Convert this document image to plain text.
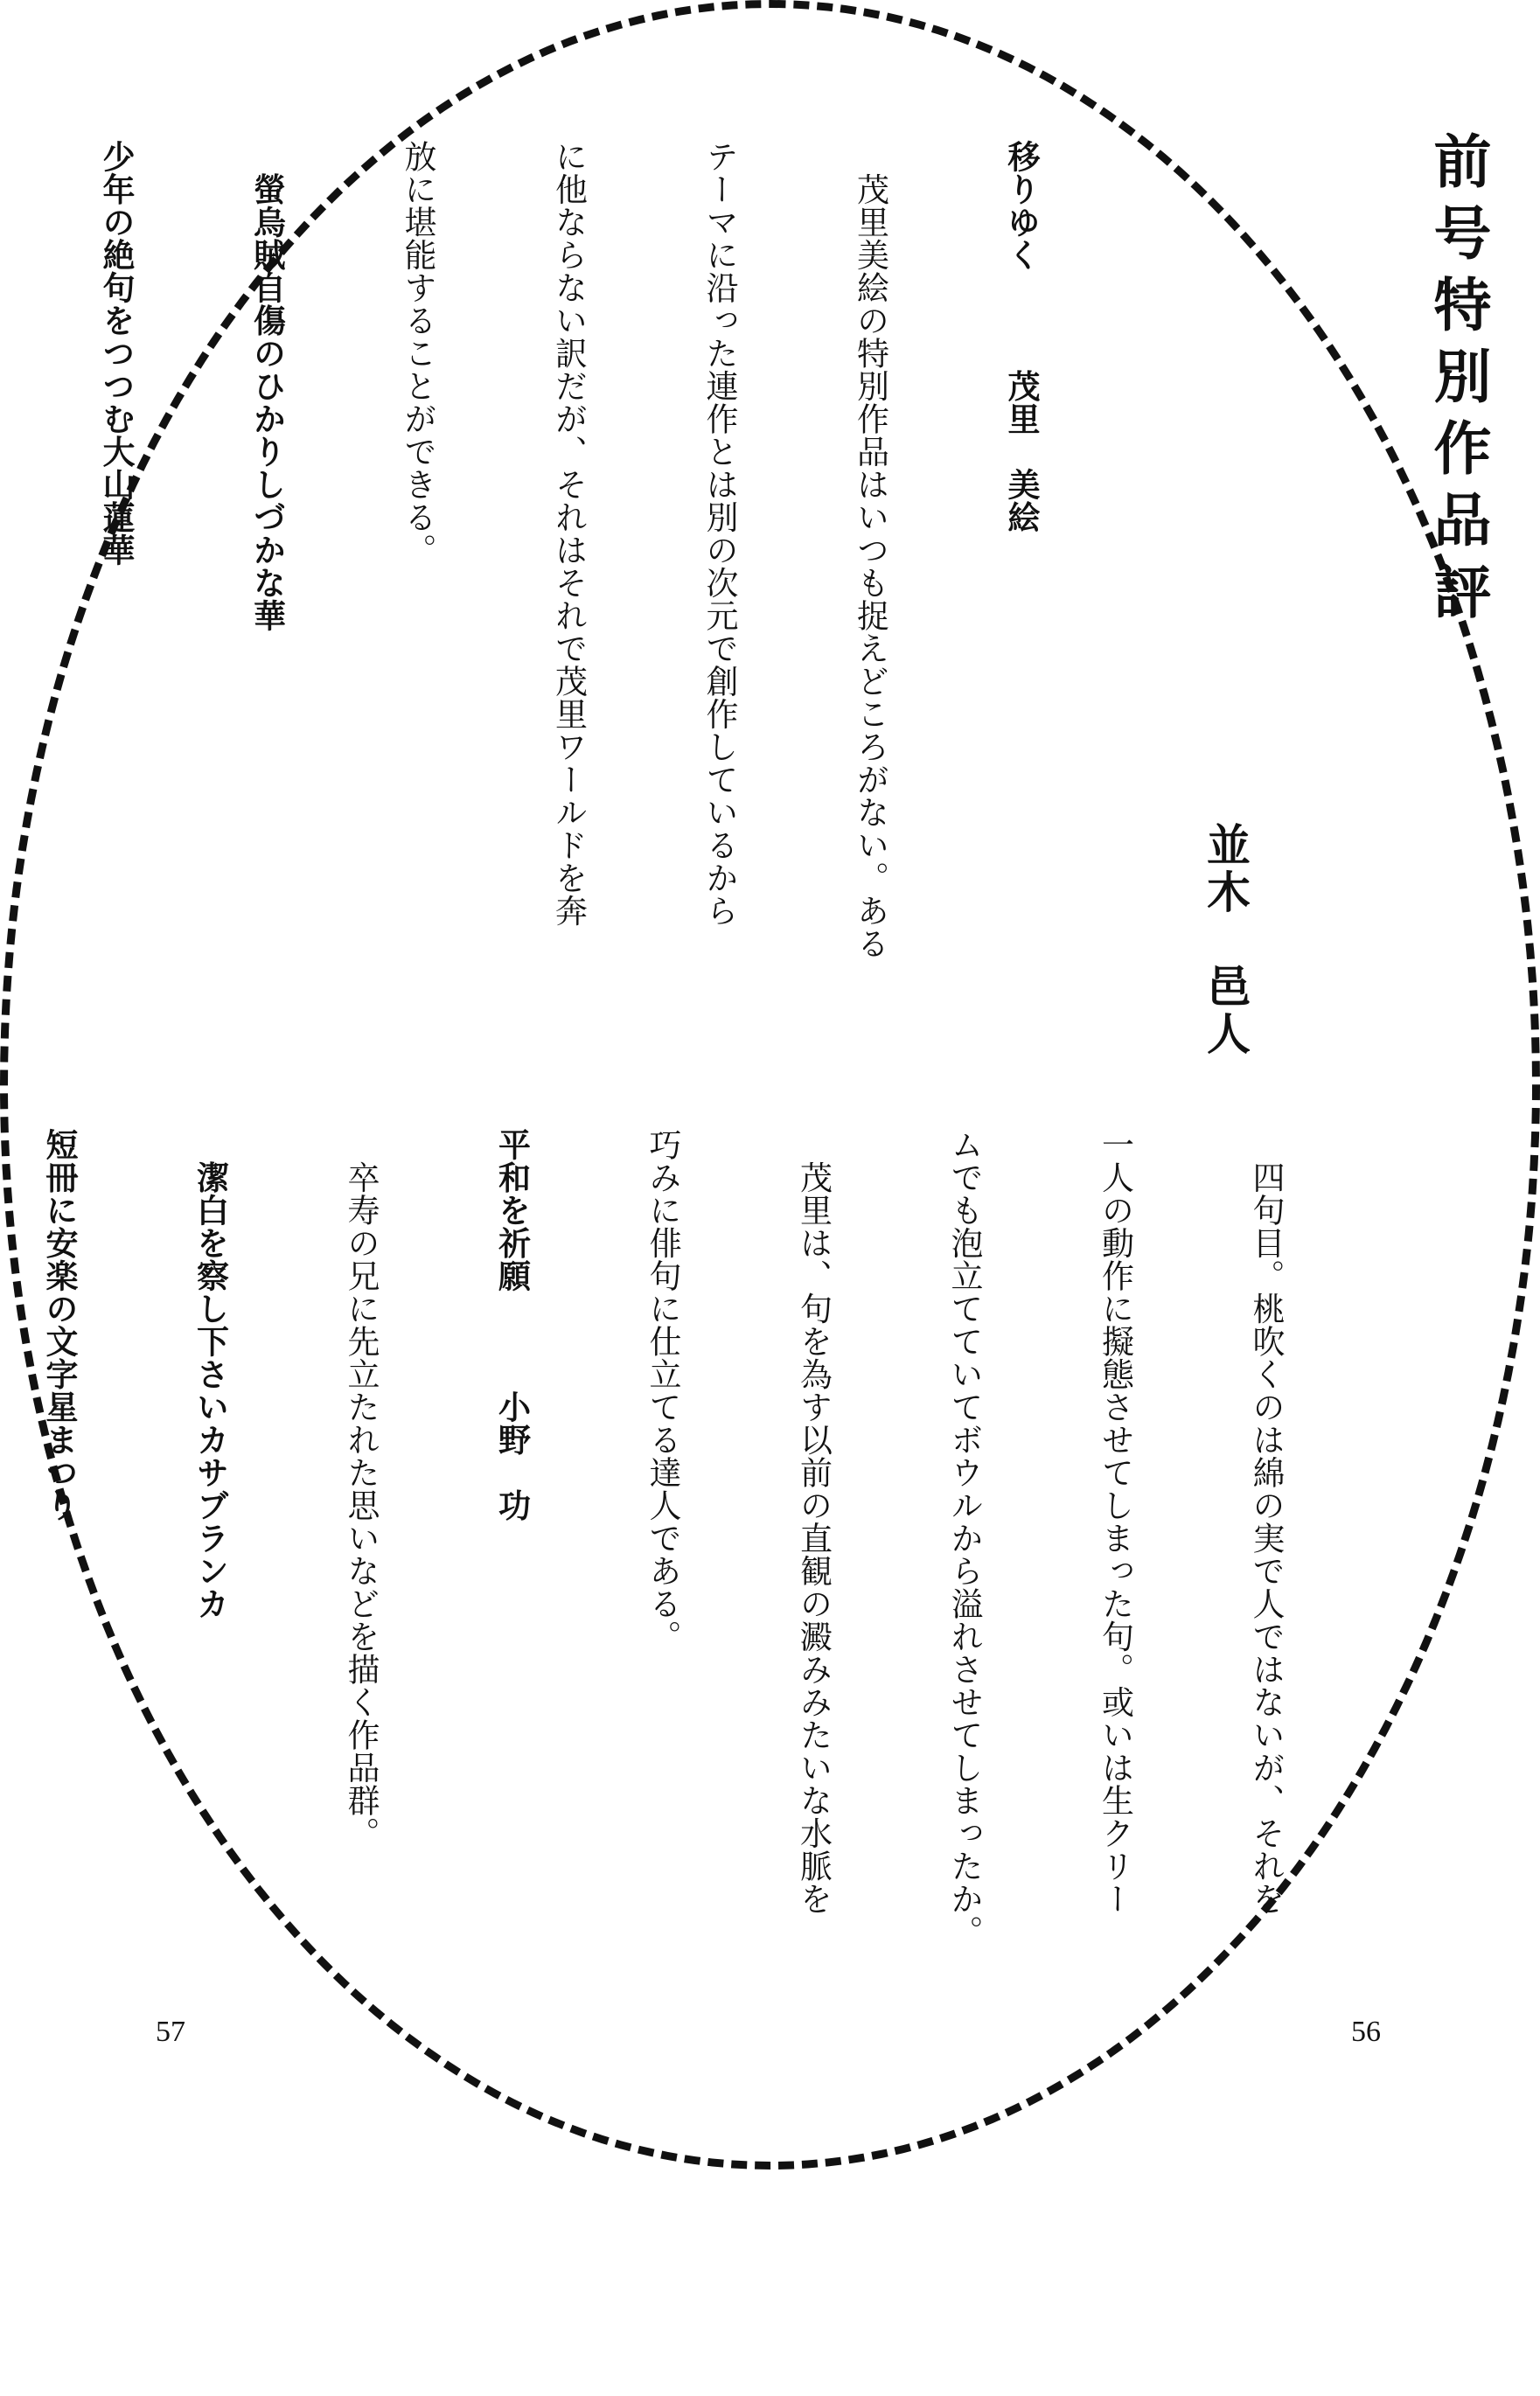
前号特別作品評
並木　邑人

移りゆく　　　茂里　美絵

　茂里美絵の特別作品はいつも捉えどころがない。ある

テーマに沿った連作とは別の次元で創作しているから

に他ならない訳だが、それはそれで茂里ワールドを奔

放に堪能することができる。

　螢烏賊自傷のひかりしづかな華

少年の絶句をつつむ大山蓮華

　四句目。桃吹くのは綿の実で人ではないが、それを

一人の動作に擬態させてしまった句。或いは生クリー

ムでも泡立てていてボウルから溢れさせてしまったか。

　茂里は、句を為す以前の直観の澱みみたいな水脈を

巧みに俳句に仕立てる達人である。

平和を祈願　　　小野　功

　卒寿の兄に先立たれた思いなどを描く作品群。

　潔白を察し下さいカサブランカ

短冊に安楽の文字星まつり

56
57
